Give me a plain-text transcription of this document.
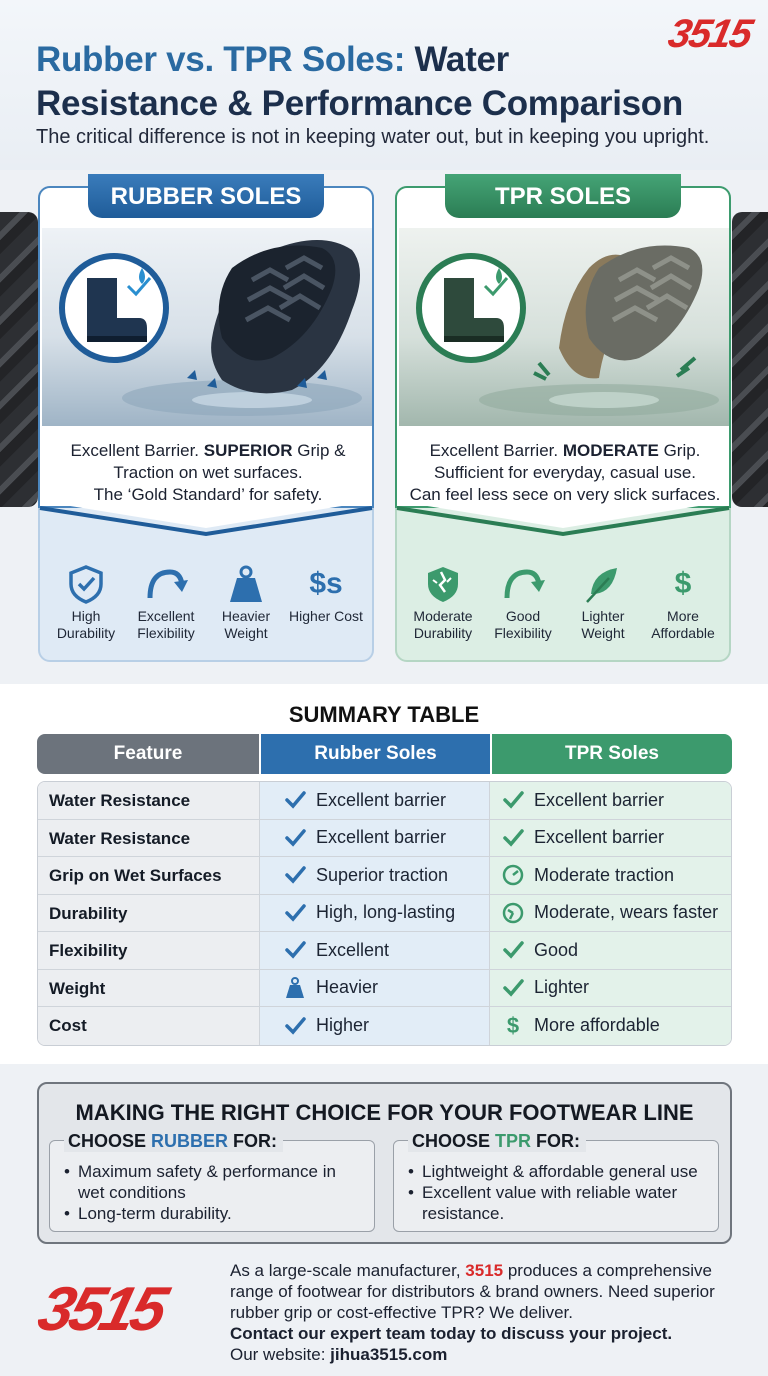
Rubber vs. TPR Soles: Water
Resistance & Performance Comparison
The critical difference is not in keeping water out, but in keeping you upright.
3515
Excellent Barrier. SUPERIOR Grip &
Traction on wet surfaces.
The ‘Gold Standard’ for safety.
RUBBER SOLES
High Durability
Excellent Flexibility
Heavier Weight
$s
Higher Cost
Excellent Barrier. MODERATE Grip.
Sufficient for everyday, casual use.
Can feel less sece on very slick surfaces.
TPR SOLES
Moderate Durability
Good Flexibility
Lighter Weight
$
More Affordable
SUMMARY TABLE
Feature	Rubber Soles	TPR Soles
Water Resistance	Excellent barrier	Excellent barrier
Water Resistance	Excellent barrier	Excellent barrier
Grip on Wet Surfaces	Superior traction	Moderate traction
Durability	High, long-lasting	Moderate, wears faster
Flexibility	Excellent	Good
Weight	Heavier	Lighter
Cost	Higher	$ More affordable
MAKING THE RIGHT CHOICE FOR YOUR FOOTWEAR LINE
CHOOSE RUBBER FOR:
• Maximum safety & performance in wet conditions
• Long-term durability.
CHOOSE TPR FOR:
• Lightweight & affordable general use
• Excellent value with reliable water resistance.
3515
As a large-scale manufacturer, 3515 produces a comprehensive range of footwear for distributors & brand owners. Need superior rubber grip or cost-effective TPR? We deliver.
Contact our expert team today to discuss your project.
Our website: jihua3515.com
